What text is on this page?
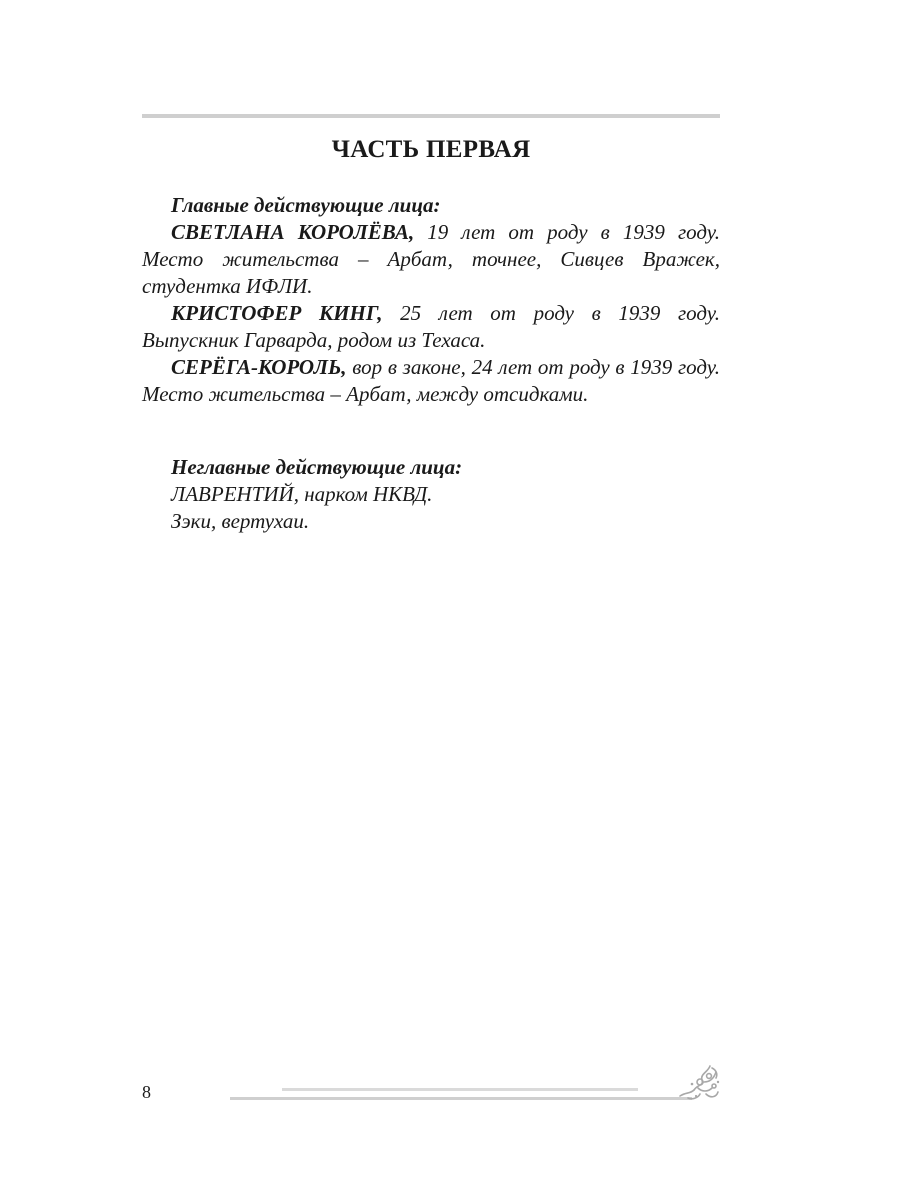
ЧАСТЬ ПЕРВАЯ

Главные действующие лица:

СВЕТЛАНА КОРОЛЁВА, 19 лет от роду в 1939 году. Место жительства – Арбат, точнее, Сивцев Вражек, студентка ИФЛИ.

КРИСТОФЕР КИНГ, 25 лет от роду в 1939 году. Выпускник Гарварда, родом из Техаса.

СЕРЁГА-КОРОЛЬ, вор в законе, 24 лет от роду в 1939 году. Место жительства – Арбат, между отсидками.

Неглавные действующие лица:

ЛАВРЕНТИЙ, нарком НКВД.

Зэки, вертухаи.

8
